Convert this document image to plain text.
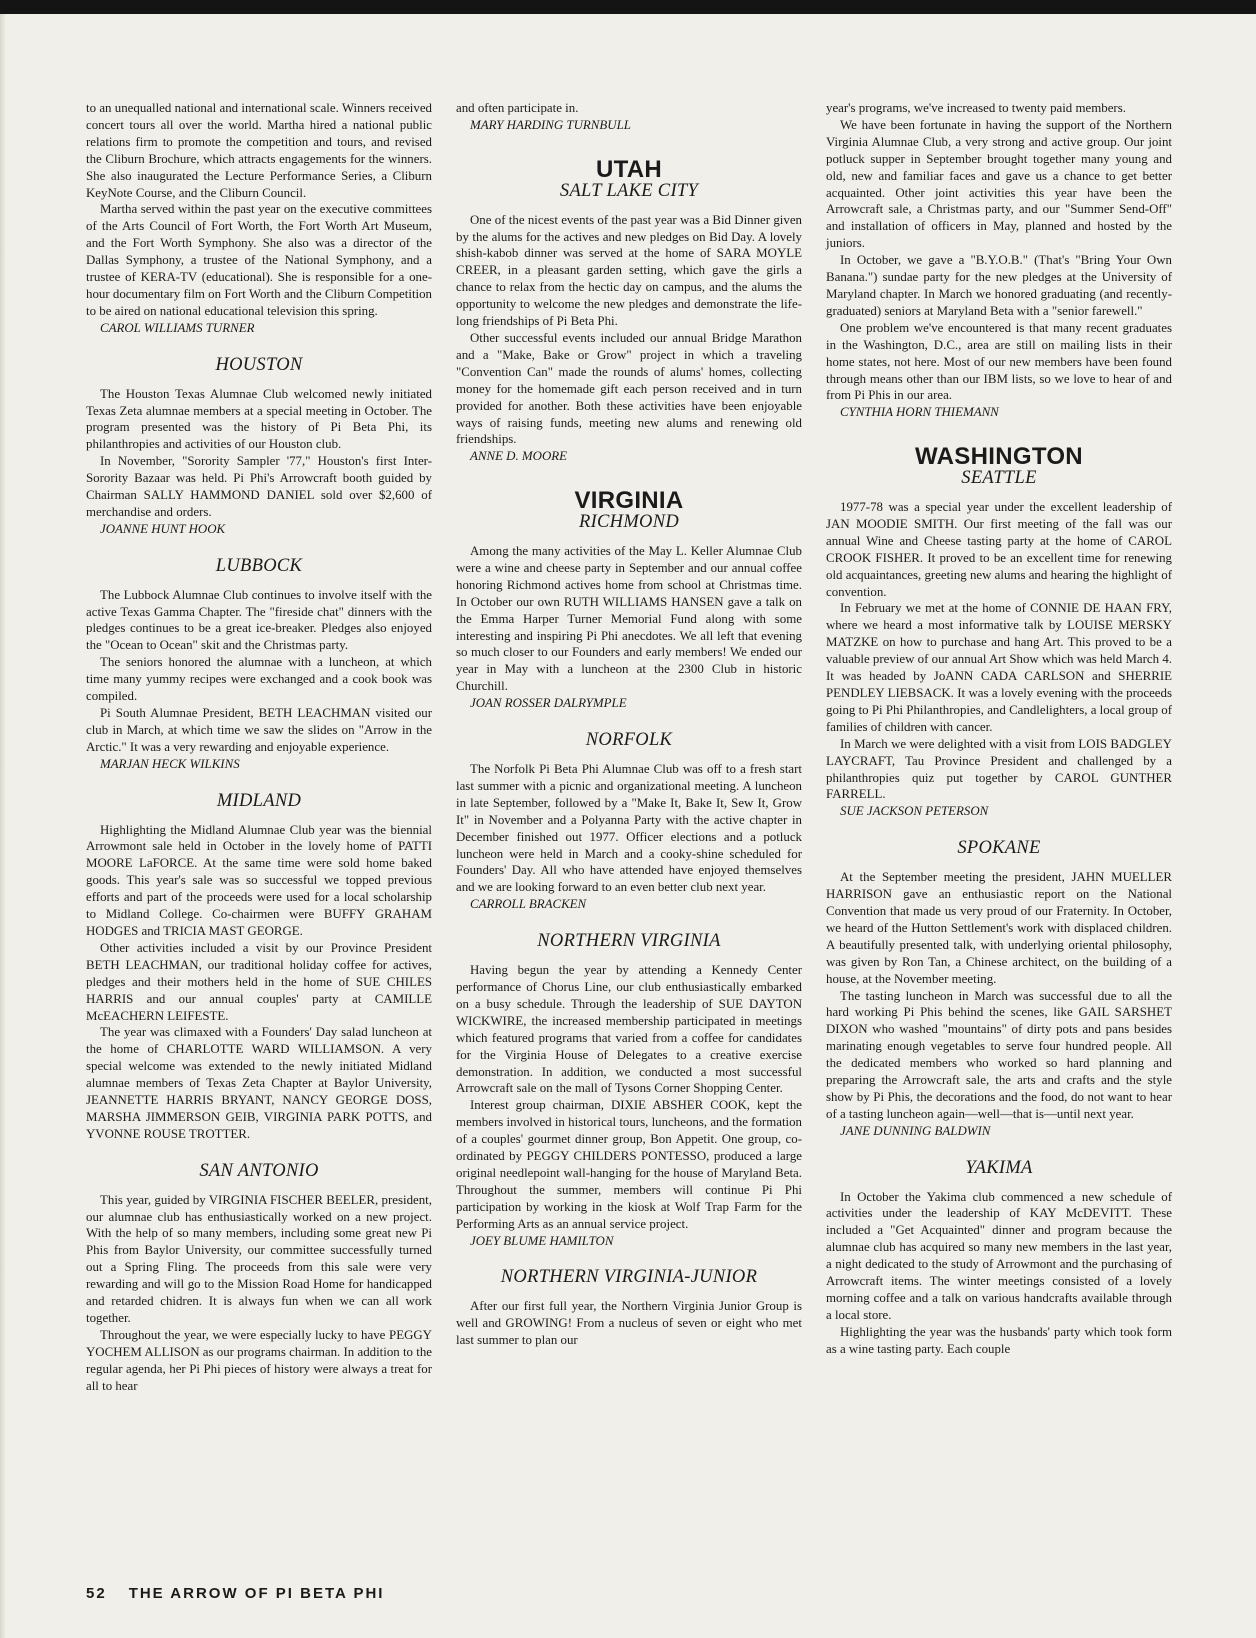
to an unequalled national and international scale. Winners received concert tours all over the world. Martha hired a national public relations firm to promote the competition and tours, and revised the Cliburn Brochure, which attracts engagements for the winners. She also inaugurated the Lecture Performance Series, a Cliburn KeyNote Course, and the Cliburn Council.

Martha served within the past year on the executive committees of the Arts Council of Fort Worth, the Fort Worth Art Museum, and the Fort Worth Symphony. She also was a director of the Dallas Symphony, a trustee of the National Symphony, and a trustee of KERA-TV (educational). She is responsible for a one-hour documentary film on Fort Worth and the Cliburn Competition to be aired on national educational television this spring.

CAROL WILLIAMS TURNER

HOUSTON

The Houston Texas Alumnae Club welcomed newly initiated Texas Zeta alumnae members at a special meeting in October. The program presented was the history of Pi Beta Phi, its philanthropies and activities of our Houston club.

In November, "Sorority Sampler '77," Houston's first Inter-Sorority Bazaar was held. Pi Phi's Arrowcraft booth guided by Chairman SALLY HAMMOND DANIEL sold over $2,600 of merchandise and orders.

JOANNE HUNT HOOK

LUBBOCK

The Lubbock Alumnae Club continues to involve itself with the active Texas Gamma Chapter. The "fireside chat" dinners with the pledges continues to be a great ice-breaker. Pledges also enjoyed the "Ocean to Ocean" skit and the Christmas party.

The seniors honored the alumnae with a luncheon, at which time many yummy recipes were exchanged and a cook book was compiled.

Pi South Alumnae President, BETH LEACHMAN visited our club in March, at which time we saw the slides on "Arrow in the Arctic." It was a very rewarding and enjoyable experience.

MARJAN HECK WILKINS

MIDLAND

Highlighting the Midland Alumnae Club year was the biennial Arrowmont sale held in October in the lovely home of PATTI MOORE LaFORCE. At the same time were sold home baked goods. This year's sale was so successful we topped previous efforts and part of the proceeds were used for a local scholarship to Midland College. Co-chairmen were BUFFY GRAHAM HODGES and TRICIA MAST GEORGE.

Other activities included a visit by our Province President BETH LEACHMAN, our traditional holiday coffee for actives, pledges and their mothers held in the home of SUE CHILES HARRIS and our annual couples' party at CAMILLE McEACHERN LEIFESTE.

The year was climaxed with a Founders' Day salad luncheon at the home of CHARLOTTE WARD WILLIAMSON. A very special welcome was extended to the newly initiated Midland alumnae members of Texas Zeta Chapter at Baylor University, JEANNETTE HARRIS BRYANT, NANCY GEORGE DOSS, MARSHA JIMMERSON GEIB, VIRGINIA PARK POTTS, and YVONNE ROUSE TROTTER.

SAN ANTONIO

This year, guided by VIRGINIA FISCHER BEELER, president, our alumnae club has enthusiastically worked on a new project. With the help of so many members, including some great new Pi Phis from Baylor University, our committee successfully turned out a Spring Fling. The proceeds from this sale were very rewarding and will go to the Mission Road Home for handicapped and retarded chidren. It is always fun when we can all work together.

Throughout the year, we were especially lucky to have PEGGY YOCHEM ALLISON as our programs chairman. In addition to the regular agenda, her Pi Phi pieces of history were always a treat for all to hear

and often participate in.

MARY HARDING TURNBULL

UTAH
SALT LAKE CITY

One of the nicest events of the past year was a Bid Dinner given by the alums for the actives and new pledges on Bid Day. A lovely shish-kabob dinner was served at the home of SARA MOYLE CREER, in a pleasant garden setting, which gave the girls a chance to relax from the hectic day on campus, and the alums the opportunity to welcome the new pledges and demonstrate the life-long friendships of Pi Beta Phi.

Other successful events included our annual Bridge Marathon and a "Make, Bake or Grow" project in which a traveling "Convention Can" made the rounds of alums' homes, collecting money for the homemade gift each person received and in turn provided for another. Both these activities have been enjoyable ways of raising funds, meeting new alums and renewing old friendships.

ANNE D. MOORE

VIRGINIA
RICHMOND

Among the many activities of the May L. Keller Alumnae Club were a wine and cheese party in September and our annual coffee honoring Richmond actives home from school at Christmas time. In October our own RUTH WILLIAMS HANSEN gave a talk on the Emma Harper Turner Memorial Fund along with some interesting and inspiring Pi Phi anecdotes. We all left that evening so much closer to our Founders and early members! We ended our year in May with a luncheon at the 2300 Club in historic Churchill.

JOAN ROSSER DALRYMPLE

NORFOLK

The Norfolk Pi Beta Phi Alumnae Club was off to a fresh start last summer with a picnic and organizational meeting. A luncheon in late September, followed by a "Make It, Bake It, Sew It, Grow It" in November and a Polyanna Party with the active chapter in December finished out 1977. Officer elections and a potluck luncheon were held in March and a cooky-shine scheduled for Founders' Day. All who have attended have enjoyed themselves and we are looking forward to an even better club next year.

CARROLL BRACKEN

NORTHERN VIRGINIA

Having begun the year by attending a Kennedy Center performance of Chorus Line, our club enthusiastically embarked on a busy schedule. Through the leadership of SUE DAYTON WICKWIRE, the increased membership participated in meetings which featured programs that varied from a coffee for candidates for the Virginia House of Delegates to a creative exercise demonstration. In addition, we conducted a most successful Arrowcraft sale on the mall of Tysons Corner Shopping Center.

Interest group chairman, DIXIE ABSHER COOK, kept the members involved in historical tours, luncheons, and the formation of a couples' gourmet dinner group, Bon Appetit. One group, co-ordinated by PEGGY CHILDERS PONTESSO, produced a large original needlepoint wall-hanging for the house of Maryland Beta. Throughout the summer, members will continue Pi Phi participation by working in the kiosk at Wolf Trap Farm for the Performing Arts as an annual service project.

JOEY BLUME HAMILTON

NORTHERN VIRGINIA-JUNIOR

After our first full year, the Northern Virginia Junior Group is well and GROWING! From a nucleus of seven or eight who met last summer to plan our

year's programs, we've increased to twenty paid members.

We have been fortunate in having the support of the Northern Virginia Alumnae Club, a very strong and active group. Our joint potluck supper in September brought together many young and old, new and familiar faces and gave us a chance to get better acquainted. Other joint activities this year have been the Arrowcraft sale, a Christmas party, and our "Summer Send-Off" and installation of officers in May, planned and hosted by the juniors.

In October, we gave a "B.Y.O.B." (That's "Bring Your Own Banana.") sundae party for the new pledges at the University of Maryland chapter. In March we honored graduating (and recently-graduated) seniors at Maryland Beta with a "senior farewell."

One problem we've encountered is that many recent graduates in the Washington, D.C., area are still on mailing lists in their home states, not here. Most of our new members have been found through means other than our IBM lists, so we love to hear of and from Pi Phis in our area.

CYNTHIA HORN THIEMANN

WASHINGTON
SEATTLE

1977-78 was a special year under the excellent leadership of JAN MOODIE SMITH. Our first meeting of the fall was our annual Wine and Cheese tasting party at the home of CAROL CROOK FISHER. It proved to be an excellent time for renewing old acquaintances, greeting new alums and hearing the highlight of convention.

In February we met at the home of CONNIE DE HAAN FRY, where we heard a most informative talk by LOUISE MERSKY MATZKE on how to purchase and hang Art. This proved to be a valuable preview of our annual Art Show which was held March 4. It was headed by JoANN CADA CARLSON and SHERRIE PENDLEY LIEBSACK. It was a lovely evening with the proceeds going to Pi Phi Philanthropies, and Candlelighters, a local group of families of children with cancer.

In March we were delighted with a visit from LOIS BADGLEY LAYCRAFT, Tau Province President and challenged by a philanthropies quiz put together by CAROL GUNTHER FARRELL.

SUE JACKSON PETERSON

SPOKANE

At the September meeting the president, JAHN MUELLER HARRISON gave an enthusiastic report on the National Convention that made us very proud of our Fraternity. In October, we heard of the Hutton Settlement's work with displaced children. A beautifully presented talk, with underlying oriental philosophy, was given by Ron Tan, a Chinese architect, on the building of a house, at the November meeting.

The tasting luncheon in March was successful due to all the hard working Pi Phis behind the scenes, like GAIL SARSHET DIXON who washed "mountains" of dirty pots and pans besides marinating enough vegetables to serve four hundred people. All the dedicated members who worked so hard planning and preparing the Arrowcraft sale, the arts and crafts and the style show by Pi Phis, the decorations and the food, do not want to hear of a tasting luncheon again—well—that is—until next year.

JANE DUNNING BALDWIN

YAKIMA

In October the Yakima club commenced a new schedule of activities under the leadership of KAY McDEVITT. These included a "Get Acquainted" dinner and program because the alumnae club has acquired so many new members in the last year, a night dedicated to the study of Arrowmont and the purchasing of Arrowcraft items. The winter meetings consisted of a lovely morning coffee and a talk on various handcrafts available through a local store.

Highlighting the year was the husbands' party which took form as a wine tasting party. Each couple

52 THE ARROW OF PI BETA PHI
